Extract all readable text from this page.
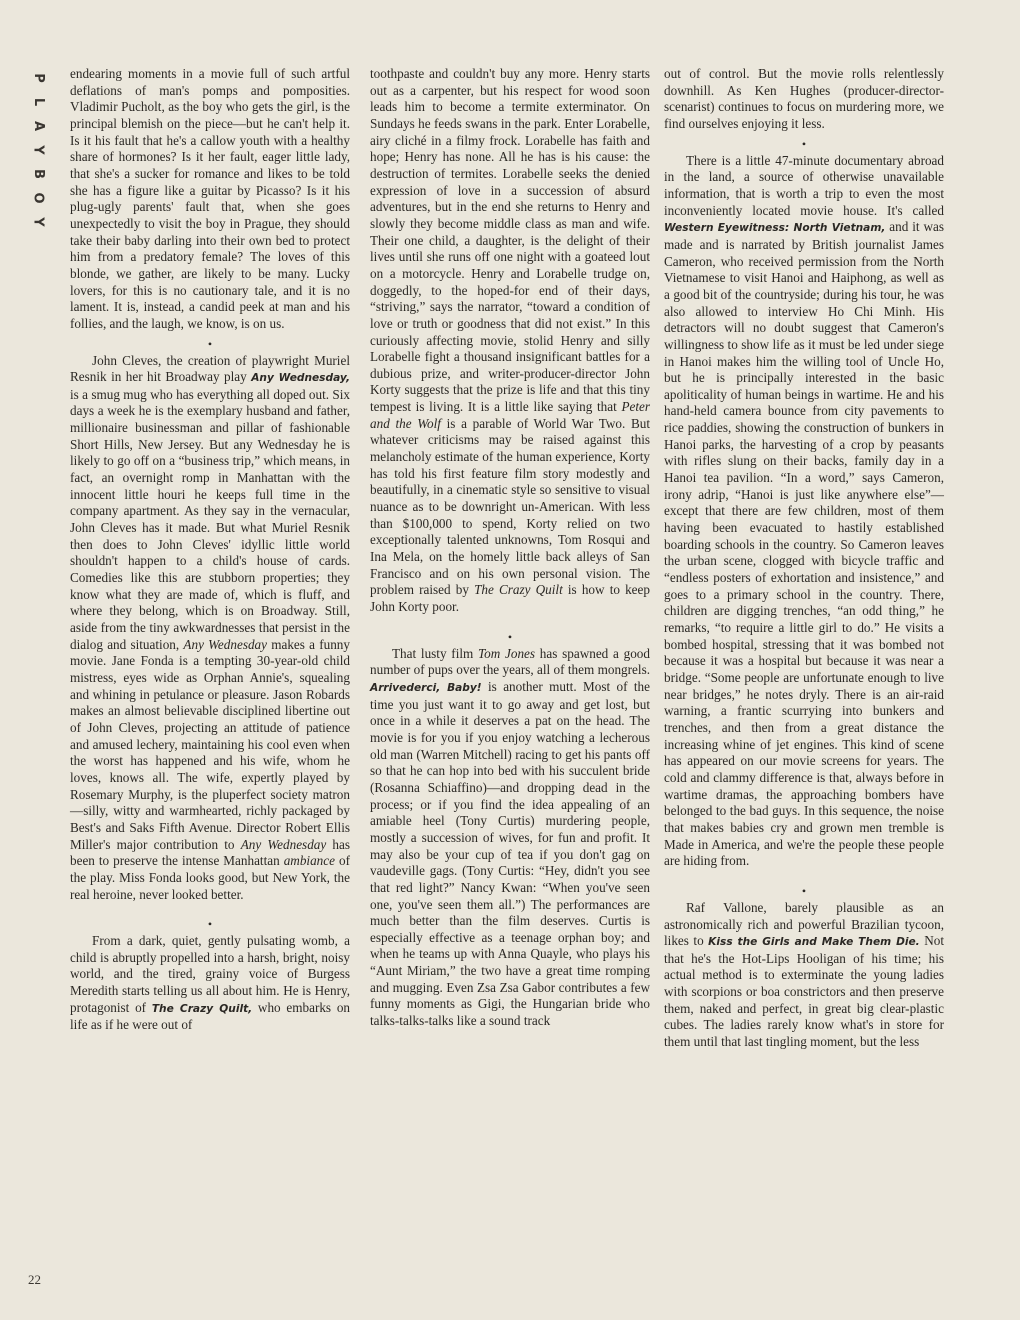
P
L
A
Y
B
O
Y
22

endearing moments in a movie full of such artful deflations of man's pomps and pomposities. Vladimir Pucholt, as the boy who gets the girl, is the principal blemish on the piece—but he can't help it. Is it his fault that he's a callow youth with a healthy share of hormones? Is it her fault, eager little lady, that she's a sucker for romance and likes to be told she has a figure like a guitar by Picasso? Is it his plug-ugly parents' fault that, when she goes unexpectedly to visit the boy in Prague, they should take their baby darling into their own bed to protect him from a predatory female? The loves of this blonde, we gather, are likely to be many. Lucky lovers, for this is no cautionary tale, and it is no lament. It is, instead, a candid peek at man and his follies, and the laugh, we know, is on us.

•

John Cleves, the creation of playwright Muriel Resnik in her hit Broadway play Any Wednesday, is a smug mug who has everything all doped out. Six days a week he is the exemplary husband and father, millionaire businessman and pillar of fashionable Short Hills, New Jersey. But any Wednesday he is likely to go off on a “business trip,” which means, in fact, an overnight romp in Manhattan with the innocent little houri he keeps full time in the company apartment. As they say in the vernacular, John Cleves has it made. But what Muriel Resnik then does to John Cleves' idyllic little world shouldn't happen to a child's house of cards. Comedies like this are stubborn properties; they know what they are made of, which is fluff, and where they belong, which is on Broadway. Still, aside from the tiny awkwardnesses that persist in the dialog and situation, Any Wednesday makes a funny movie. Jane Fonda is a tempting 30-year-old child mistress, eyes wide as Orphan Annie's, squealing and whining in petulance or pleasure. Jason Robards makes an almost believable disciplined libertine out of John Cleves, projecting an attitude of patience and amused lechery, maintaining his cool even when the worst has happened and his wife, whom he loves, knows all. The wife, expertly played by Rosemary Murphy, is the pluperfect society matron—silly, witty and warmhearted, richly packaged by Best's and Saks Fifth Avenue. Director Robert Ellis Miller's major contribution to Any Wednesday has been to preserve the intense Manhattan ambiance of the play. Miss Fonda looks good, but New York, the real heroine, never looked better.

•

From a dark, quiet, gently pulsating womb, a child is abruptly propelled into a harsh, bright, noisy world, and the tired, grainy voice of Burgess Meredith starts telling us all about him. He is Henry, protagonist of The Crazy Quilt, who embarks on life as if he were out of

toothpaste and couldn't buy any more. Henry starts out as a carpenter, but his respect for wood soon leads him to become a termite exterminator. On Sundays he feeds swans in the park. Enter Lorabelle, airy cliché in a filmy frock. Lorabelle has faith and hope; Henry has none. All he has is his cause: the destruction of termites. Lorabelle seeks the denied expression of love in a succession of absurd adventures, but in the end she returns to Henry and slowly they become middle class as man and wife. Their one child, a daughter, is the delight of their lives until she runs off one night with a goateed lout on a motorcycle. Henry and Lorabelle trudge on, doggedly, to the hoped-for end of their days, “striving,” says the narrator, “toward a condition of love or truth or goodness that did not exist.” In this curiously affecting movie, stolid Henry and silly Lorabelle fight a thousand insignificant battles for a dubious prize, and writer-producer-director John Korty suggests that the prize is life and that this tiny tempest is living. It is a little like saying that Peter and the Wolf is a parable of World War Two. But whatever criticisms may be raised against this melancholy estimate of the human experience, Korty has told his first feature film story modestly and beautifully, in a cinematic style so sensitive to visual nuance as to be downright un-American. With less than $100,000 to spend, Korty relied on two exceptionally talented unknowns, Tom Rosqui and Ina Mela, on the homely little back alleys of San Francisco and on his own personal vision. The problem raised by The Crazy Quilt is how to keep John Korty poor.

•

That lusty film Tom Jones has spawned a good number of pups over the years, all of them mongrels. Arrivederci, Baby! is another mutt. Most of the time you just want it to go away and get lost, but once in a while it deserves a pat on the head. The movie is for you if you enjoy watching a lecherous old man (Warren Mitchell) racing to get his pants off so that he can hop into bed with his succulent bride (Rosanna Schiaffino)—and dropping dead in the process; or if you find the idea appealing of an amiable heel (Tony Curtis) murdering people, mostly a succession of wives, for fun and profit. It may also be your cup of tea if you don't gag on vaudeville gags. (Tony Curtis: “Hey, didn't you see that red light?” Nancy Kwan: “When you've seen one, you've seen them all.”) The performances are much better than the film deserves. Curtis is especially effective as a teenage orphan boy; and when he teams up with Anna Quayle, who plays his “Aunt Miriam,” the two have a great time romping and mugging. Even Zsa Zsa Gabor contributes a few funny moments as Gigi, the Hungarian bride who talks-talks-talks like a sound track

out of control. But the movie rolls relentlessly downhill. As Ken Hughes (producer-director-scenarist) continues to focus on murdering more, we find ourselves enjoying it less.

•

There is a little 47-minute documentary abroad in the land, a source of otherwise unavailable information, that is worth a trip to even the most inconveniently located movie house. It's called Western Eyewitness: North Vietnam, and it was made and is narrated by British journalist James Cameron, who received permission from the North Vietnamese to visit Hanoi and Haiphong, as well as a good bit of the countryside; during his tour, he was also allowed to interview Ho Chi Minh. His detractors will no doubt suggest that Cameron's willingness to show life as it must be led under siege in Hanoi makes him the willing tool of Uncle Ho, but he is principally interested in the basic apoliticality of human beings in wartime. He and his hand-held camera bounce from city pavements to rice paddies, showing the construction of bunkers in Hanoi parks, the harvesting of a crop by peasants with rifles slung on their backs, family day in a Hanoi tea pavilion. “In a word,” says Cameron, irony adrip, “Hanoi is just like anywhere else”—except that there are few children, most of them having been evacuated to hastily established boarding schools in the country. So Cameron leaves the urban scene, clogged with bicycle traffic and “endless posters of exhortation and insistence,” and goes to a primary school in the country. There, children are digging trenches, “an odd thing,” he remarks, “to require a little girl to do.” He visits a bombed hospital, stressing that it was bombed not because it was a hospital but because it was near a bridge. “Some people are unfortunate enough to live near bridges,” he notes dryly. There is an air-raid warning, a frantic scurrying into bunkers and trenches, and then from a great distance the increasing whine of jet engines. This kind of scene has appeared on our movie screens for years. The cold and clammy difference is that, always before in wartime dramas, the approaching bombers have belonged to the bad guys. In this sequence, the noise that makes babies cry and grown men tremble is Made in America, and we're the people these people are hiding from.

•

Raf Vallone, barely plausible as an astronomically rich and powerful Brazilian tycoon, likes to Kiss the Girls and Make Them Die. Not that he's the Hot-Lips Hooligan of his time; his actual method is to exterminate the young ladies with scorpions or boa constrictors and then preserve them, naked and perfect, in great big clear-plastic cubes. The ladies rarely know what's in store for them until that last tingling moment, but the less
